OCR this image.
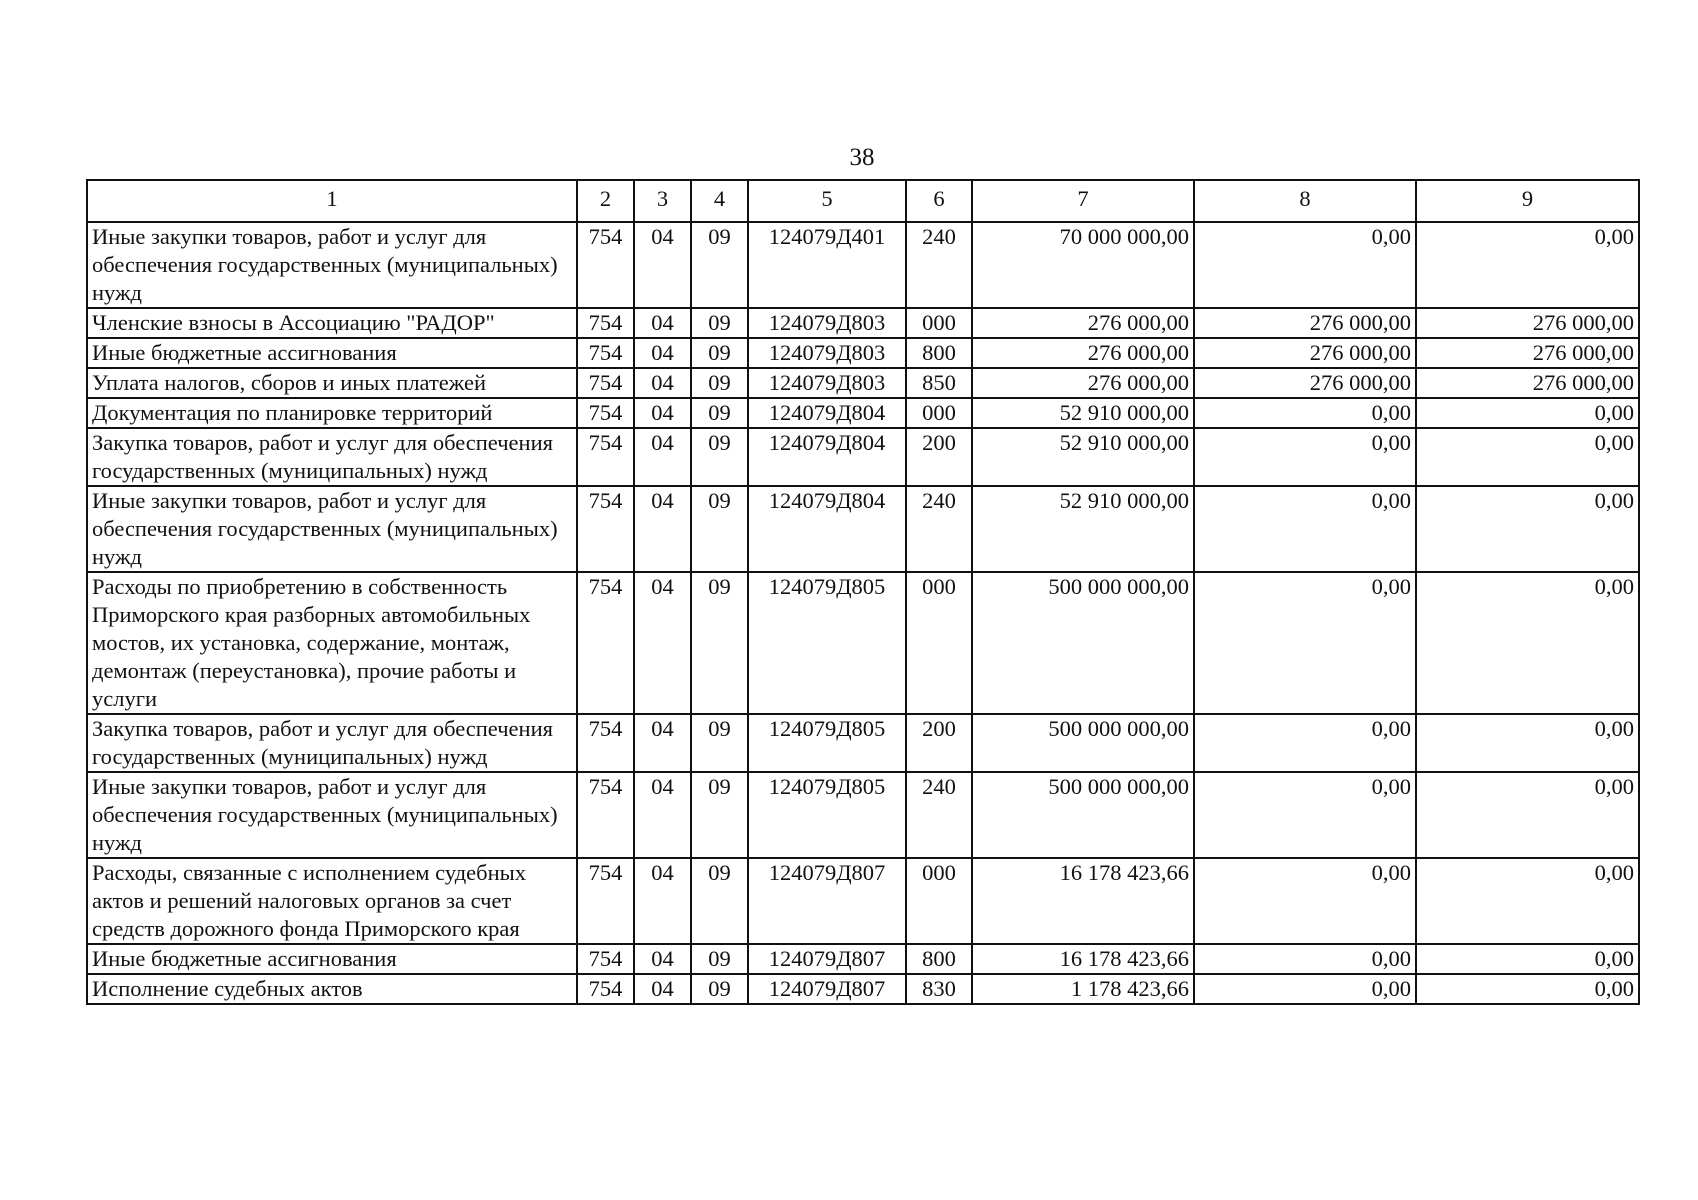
38
1	2	3	4	5	6	7	8	9
Иные закупки товаров, работ и услуг для обеспечения государственных (муниципальных) нужд	754	04	09	124079Д401	240	70 000 000,00	0,00	0,00
Членские взносы в Ассоциацию "РАДОР"	754	04	09	124079Д803	000	276 000,00	276 000,00	276 000,00
Иные бюджетные ассигнования	754	04	09	124079Д803	800	276 000,00	276 000,00	276 000,00
Уплата налогов, сборов и иных платежей	754	04	09	124079Д803	850	276 000,00	276 000,00	276 000,00
Документация по планировке территорий	754	04	09	124079Д804	000	52 910 000,00	0,00	0,00
Закупка товаров, работ и услуг для обеспечения государственных (муниципальных) нужд	754	04	09	124079Д804	200	52 910 000,00	0,00	0,00
Иные закупки товаров, работ и услуг для обеспечения государственных (муниципальных) нужд	754	04	09	124079Д804	240	52 910 000,00	0,00	0,00
Расходы по приобретению в собственность Приморского края разборных автомобильных мостов, их установка, содержание, монтаж, демонтаж (переустановка), прочие работы и услуги	754	04	09	124079Д805	000	500 000 000,00	0,00	0,00
Закупка товаров, работ и услуг для обеспечения государственных (муниципальных) нужд	754	04	09	124079Д805	200	500 000 000,00	0,00	0,00
Иные закупки товаров, работ и услуг для обеспечения государственных (муниципальных) нужд	754	04	09	124079Д805	240	500 000 000,00	0,00	0,00
Расходы, связанные с исполнением судебных актов и решений налоговых органов за счет средств дорожного фонда Приморского края	754	04	09	124079Д807	000	16 178 423,66	0,00	0,00
Иные бюджетные ассигнования	754	04	09	124079Д807	800	16 178 423,66	0,00	0,00
Исполнение судебных актов	754	04	09	124079Д807	830	1 178 423,66	0,00	0,00
